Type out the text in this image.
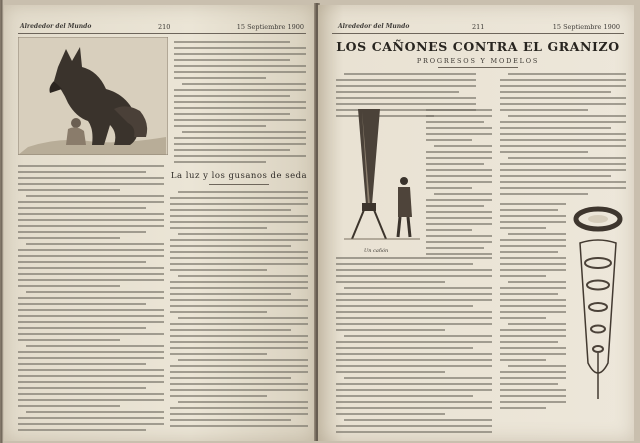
Alrededor del Mundo	210	15 Septiembre 1900
La luz y los gusanos de seda
Alrededor del Mundo	211	15 Septiembre 1900
LOS CAÑONES CONTRA EL GRANIZO
PROGRESOS Y MODELOS
Un cañón
